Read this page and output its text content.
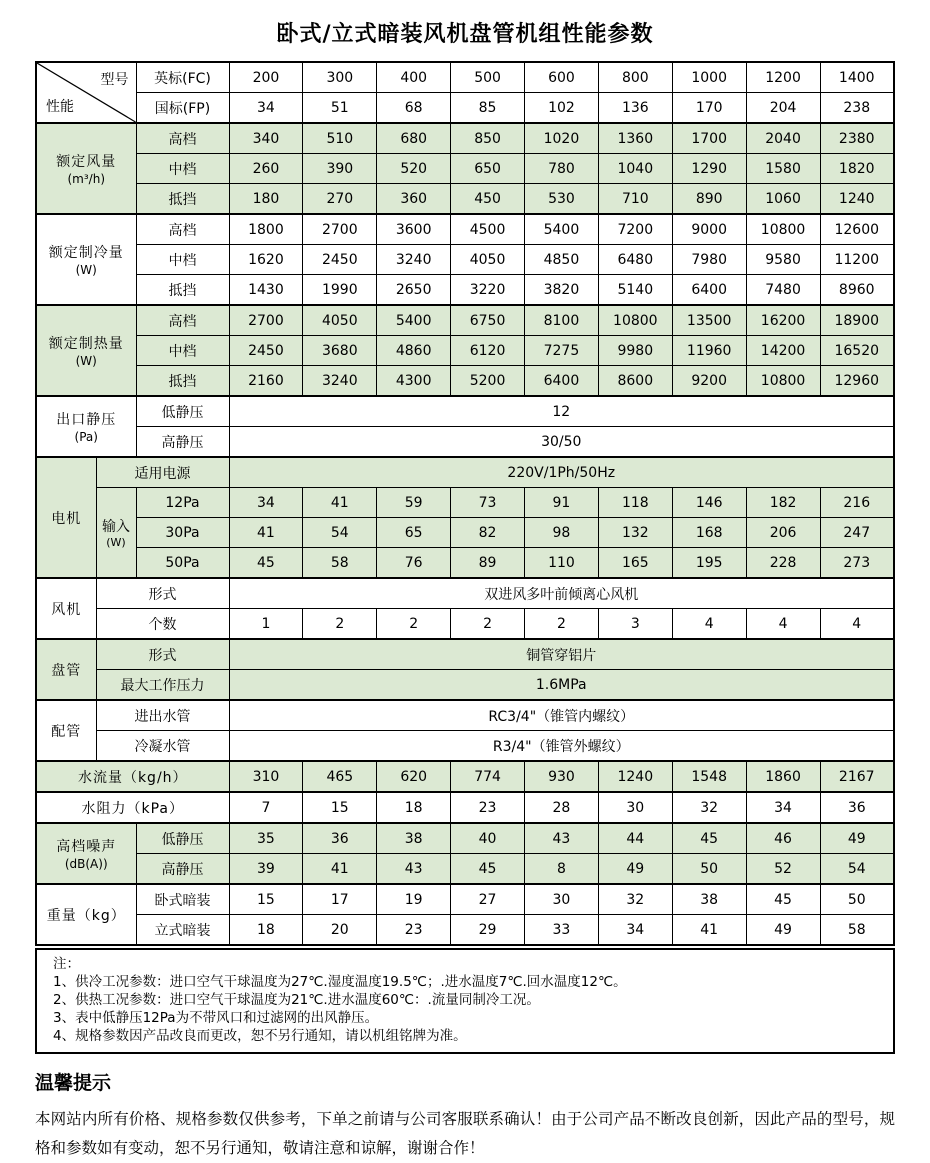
卧式/立式暗装风机盘管机组性能参数
型号
性能		英标(FC)	200	300	400	500	600	800	1000	1200	1400
		国标(FP)	34	51	68	85	102	136	170	204	238
额定风量
(m³/h)		高档	340	510	680	850	1020	1360	1700	2040	2380
		中档	260	390	520	650	780	1040	1290	1580	1820
		抵挡	180	270	360	450	530	710	890	1060	1240
额定制冷量
(W)		高档	1800	2700	3600	4500	5400	7200	9000	10800	12600
		中档	1620	2450	3240	4050	4850	6480	7980	9580	11200
		抵挡	1430	1990	2650	3220	3820	5140	6400	7480	8960
额定制热量
(W)		高档	2700	4050	5400	6750	8100	10800	13500	16200	18900
		中档	2450	3680	4860	6120	7275	9980	11960	14200	16520
		抵挡	2160	3240	4300	5200	6400	8600	9200	10800	12960
出口静压
(Pa)		低静压	12								
		高静压	30/50								
电机	适用电源		220V/1Ph/50Hz								
	输入
(W)	12Pa	34	41	59	73	91	118	146	182	216
		30Pa	41	54	65	82	98	132	168	206	247
		50Pa	45	58	76	89	110	165	195	228	273
风机	形式		双进风多叶前倾离心风机								
	个数		1	2	2	2	2	3	4	4	4
盘管	形式		铜管穿铝片								
	最大工作压力		1.6MPa								
配管	进出水管		RC3/4"（锥管内螺纹）								
	冷凝水管		R3/4"（锥管外螺纹）								
水流量（kg/h）			310	465	620	774	930	1240	1548	1860	2167
水阻力（kPa）			7	15	18	23	28	30	32	34	36
高档噪声
(dB(A))		低静压	35	36	38	40	43	44	45	46	49
		高静压	39	41	43	45	8	49	50	52	54
重量（kg）		卧式暗装	15	17	19	27	30	32	38	45	50
		立式暗装	18	20	23	29	33	34	41	49	58
注：
1、供冷工况参数：进口空气干球温度为27℃.湿度温度19.5℃；.进水温度7℃.回水温度12℃。
2、供热工况参数：进口空气干球温度为21℃.进水温度60℃：.流量同制冷工况。
3、表中低静压12Pa为不带风口和过滤网的出风静压。
4、规格参数因产品改良而更改，恕不另行通知，请以机组铭牌为准。
温馨提示
本网站内所有价格、规格参数仅供参考，下单之前请与公司客服联系确认！由于公司产品不断改良创新，因此产品的型号，规格和参数如有变动，恕不另行通知，敬请注意和谅解，谢谢合作！
